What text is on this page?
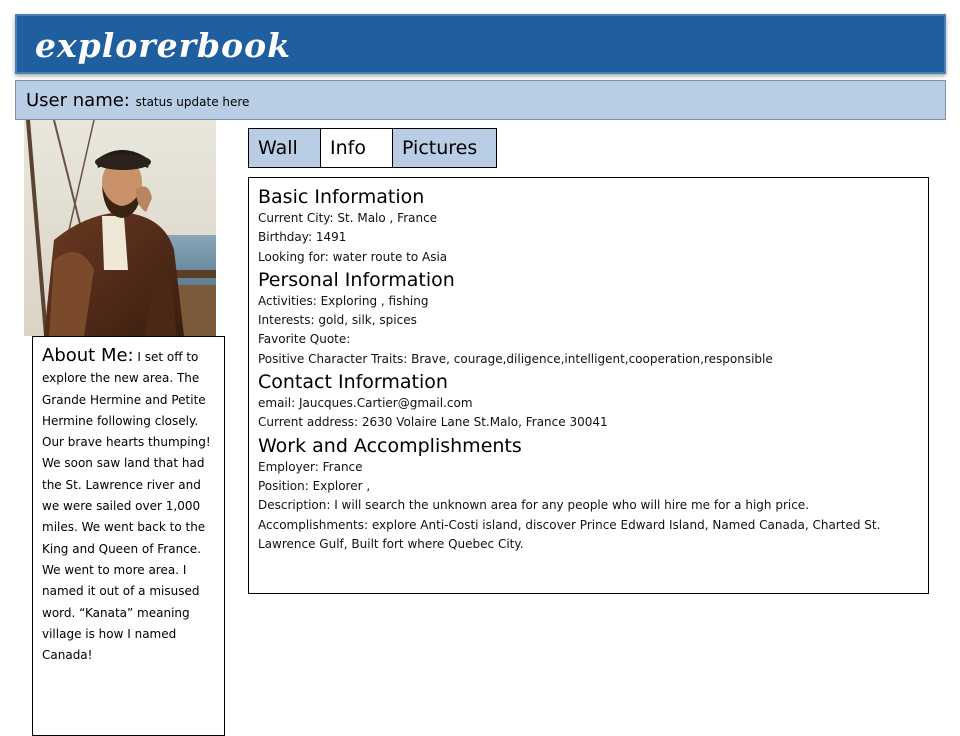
explorerbook
User name: status update here
About Me: I set off to explore the new area. The Grande Hermine and Petite Hermine following closely. Our brave hearts thumping! We soon saw land that had the St. Lawrence river and we were sailed over 1,000 miles. We went back to the King and Queen of France. We went to more area. I named it out of a misused word. “Kanata” meaning village is how I named Canada!
Wall	Info	Pictures
Basic Information
Current City: St. Malo , France
Birthday: 1491
Looking for: water route to Asia
Personal Information
Activities: Exploring , fishing
Interests: gold, silk, spices
Favorite Quote:
Positive Character Traits: Brave, courage,diligence,intelligent,cooperation,responsible
Contact Information
email: Jaucques.Cartier@gmail.com
Current address: 2630 Volaire Lane St.Malo, France 30041
Work and Accomplishments
Employer: France
Position: Explorer ,
Description: I will search the unknown area for any people who will hire me for a high price.
Accomplishments: explore Anti-Costi island, discover Prince Edward Island, Named Canada, Charted St. Lawrence Gulf, Built fort where Quebec City.
